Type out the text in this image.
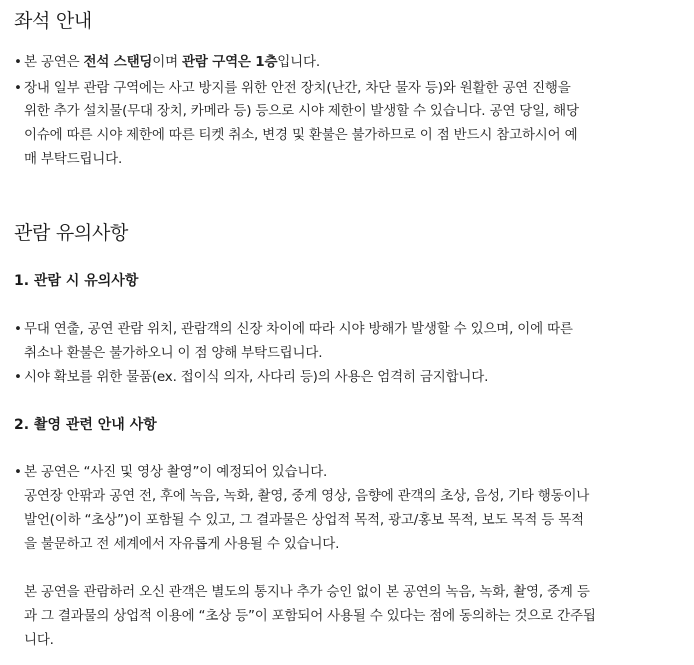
좌석 안내
• 본 공연은 전석 스탠딩이며 관람 구역은 1층입니다.
• 장내 일부 관람 구역에는 사고 방지를 위한 안전 장치(난간, 차단 물자 등)와 원활한 공연 진행을
위한 추가 설치물(무대 장치, 카메라 등) 등으로 시야 제한이 발생할 수 있습니다. 공연 당일, 해당
이슈에 따른 시야 제한에 따른 티켓 취소, 변경 및 환불은 불가하므로 이 점 반드시 참고하시어 예
매 부탁드립니다.
관람 유의사항
1. 관람 시 유의사항
• 무대 연출, 공연 관람 위치, 관람객의 신장 차이에 따라 시야 방해가 발생할 수 있으며, 이에 따른
취소나 환불은 불가하오니 이 점 양해 부탁드립니다.
• 시야 확보를 위한 물품(ex. 접이식 의자, 사다리 등)의 사용은 엄격히 금지합니다.
2. 촬영 관련 안내 사항
• 본 공연은 “사진 및 영상 촬영”이 예정되어 있습니다.
공연장 안팎과 공연 전, 후에 녹음, 녹화, 촬영, 중계 영상, 음향에 관객의 초상, 음성, 기타 행동이나
발언(이하 “초상”)이 포함될 수 있고, 그 결과물은 상업적 목적, 광고/홍보 목적, 보도 목적 등 목적
을 불문하고 전 세계에서 자유롭게 사용될 수 있습니다.
본 공연을 관람하러 오신 관객은 별도의 통지나 추가 승인 없이 본 공연의 녹음, 녹화, 촬영, 중계 등
과 그 결과물의 상업적 이용에 “초상 등”이 포함되어 사용될 수 있다는 점에 동의하는 것으로 간주됩
니다.
